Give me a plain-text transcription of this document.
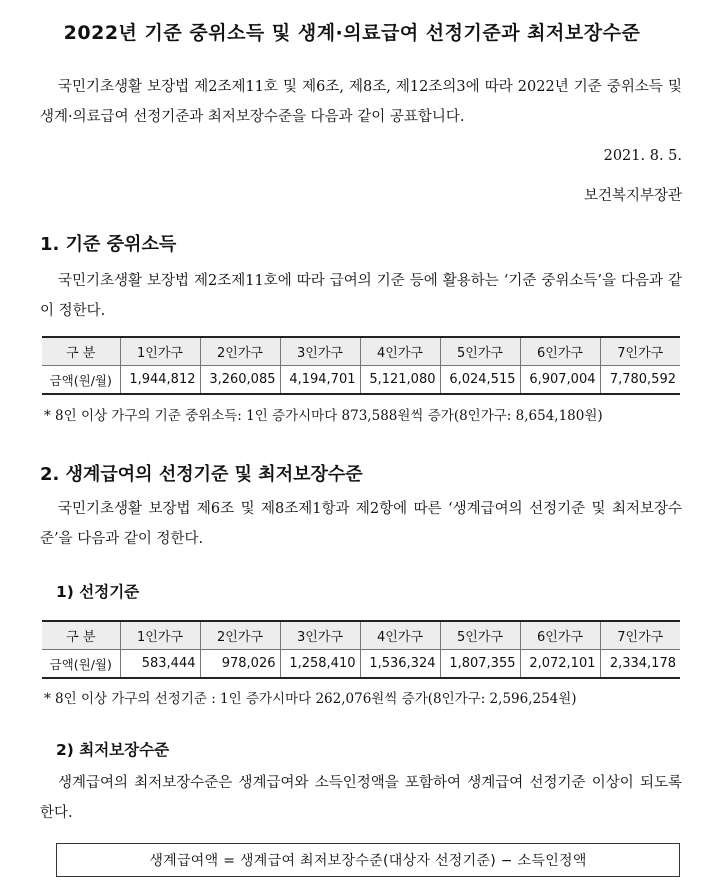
2022년 기준 중위소득 및 생계·의료급여 선정기준과 최저보장수준
국민기초생활 보장법 제2조제11호 및 제6조, 제8조, 제12조의3에 따라 2022년 기준 중위소득 및 생계·의료급여 선정기준과 최저보장수준을 다음과 같이 공표합니다.
2021. 8. 5.
보건복지부장관
1. 기준 중위소득
국민기초생활 보장법 제2조제11호에 따라 급여의 기준 등에 활용하는 ‘기준 중위소득’을 다음과 같이 정한다.
구 분	1인가구	2인가구	3인가구	4인가구	5인가구	6인가구	7인가구
금액(원/월)	1,944,812	3,260,085	4,194,701	5,121,080	6,024,515	6,907,004	7,780,592
* 8인 이상 가구의 기준 중위소득: 1인 증가시마다 873,588원씩 증가(8인가구: 8,654,180원)
2. 생계급여의 선정기준 및 최저보장수준
국민기초생활 보장법 제6조 및 제8조제1항과 제2항에 따른 ‘생계급여의 선정기준 및 최저보장수준’을 다음과 같이 정한다.
1) 선정기준
구 분	1인가구	2인가구	3인가구	4인가구	5인가구	6인가구	7인가구
금액(원/월)	583,444	978,026	1,258,410	1,536,324	1,807,355	2,072,101	2,334,178
* 8인 이상 가구의 선정기준 : 1인 증가시마다 262,076원씩 증가(8인가구: 2,596,254원)
2) 최저보장수준
생계급여의 최저보장수준은 생계급여와 소득인정액을 포함하여 생계급여 선정기준 이상이 되도록 한다.
생계급여액 = 생계급여 최저보장수준(대상자 선정기준) − 소득인정액
